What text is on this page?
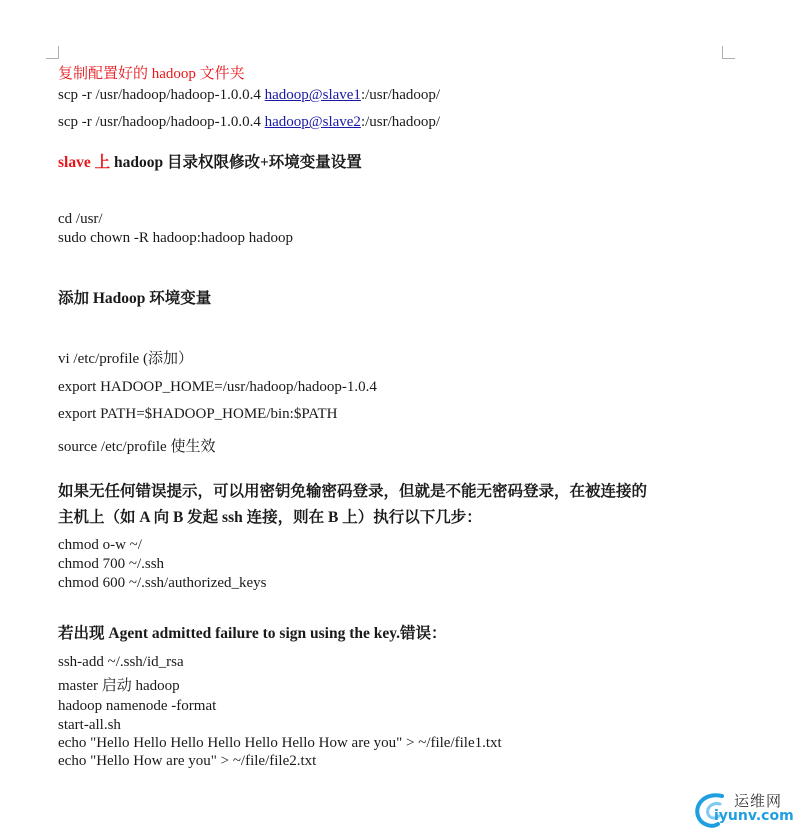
复制配置好的 hadoop 文件夹
scp -r /usr/hadoop/hadoop-1.0.0.4 hadoop@slave1:/usr/hadoop/
scp -r /usr/hadoop/hadoop-1.0.0.4 hadoop@slave2:/usr/hadoop/
slave 上 hadoop 目录权限修改+环境变量设置
cd /usr/
sudo chown -R hadoop:hadoop hadoop
添加 Hadoop 环境变量
vi /etc/profile (添加）
export HADOOP_HOME=/usr/hadoop/hadoop-1.0.4
export PATH=$HADOOP_HOME/bin:$PATH
source /etc/profile 使生效
如果无任何错误提示，可以用密钥免输密码登录，但就是不能无密码登录，在被连接的
主机上（如 A 向 B 发起 ssh 连接，则在 B 上）执行以下几步：
chmod o-w ~/
chmod 700 ~/.ssh
chmod 600 ~/.ssh/authorized_keys
若出现 Agent admitted failure to sign using the key.错误：
ssh-add ~/.ssh/id_rsa
master 启动 hadoop
hadoop namenode -format
start-all.sh
echo "Hello Hello Hello Hello Hello Hello How are you" > ~/file/file1.txt
echo "Hello How are you" > ~/file/file2.txt
运维网
iyunv.com
